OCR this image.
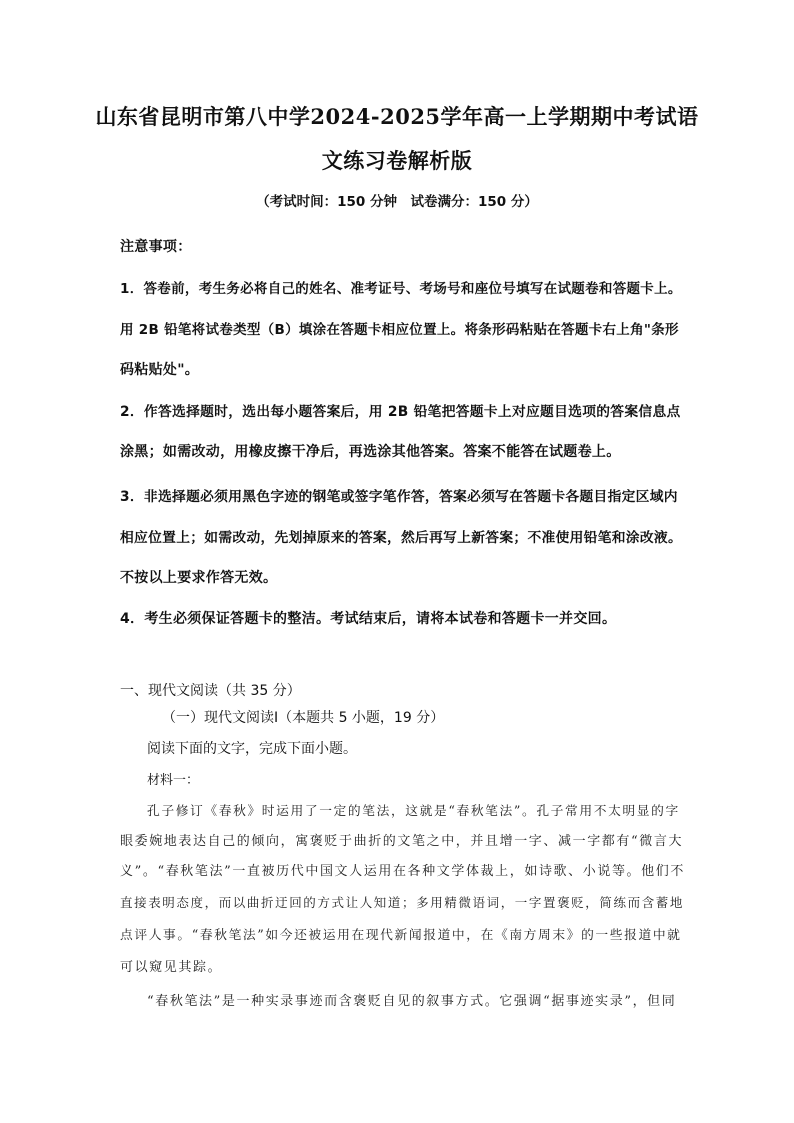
山东省昆明市第八中学2024-2025学年高一上学期期中考试语
文练习卷解析版
（考试时间：150 分钟　试卷满分：150 分）
注意事项：
1．答卷前，考生务必将自己的姓名、准考证号、考场号和座位号填写在试题卷和答题卡上。
用 2B 铅笔将试卷类型（B）填涂在答题卡相应位置上。将条形码粘贴在答题卡右上角"条形
码粘贴处"。
2．作答选择题时，选出每小题答案后，用 2B 铅笔把答题卡上对应题目选项的答案信息点
涂黑；如需改动，用橡皮擦干净后，再选涂其他答案。答案不能答在试题卷上。
3．非选择题必须用黑色字迹的钢笔或签字笔作答，答案必须写在答题卡各题目指定区域内
相应位置上；如需改动，先划掉原来的答案，然后再写上新答案；不准使用铅笔和涂改液。
不按以上要求作答无效。
4．考生必须保证答题卡的整洁。考试结束后，请将本试卷和答题卡一并交回。
一、现代文阅读（共 35 分）
（一）现代文阅读Ⅰ（本题共 5 小题，19 分）
阅读下面的文字，完成下面小题。
材料一：
孔子修订《春秋》时运用了一定的笔法，这就是“春秋笔法”。孔子常用不太明显的字
眼委婉地表达自己的倾向，寓褒贬于曲折的文笔之中，并且增一字、减一字都有“微言大
义”。“春秋笔法”一直被历代中国文人运用在各种文学体裁上，如诗歌、小说等。他们不
直接表明态度，而以曲折迂回的方式让人知道；多用精微语词，一字置褒贬，简练而含蓄地
点评人事。“春秋笔法”如今还被运用在现代新闻报道中，在《南方周末》的一些报道中就
可以窥见其踪。
“春秋笔法”是一种实录事迹而含褒贬自见的叙事方式。它强调“据事迹实录”，但同
